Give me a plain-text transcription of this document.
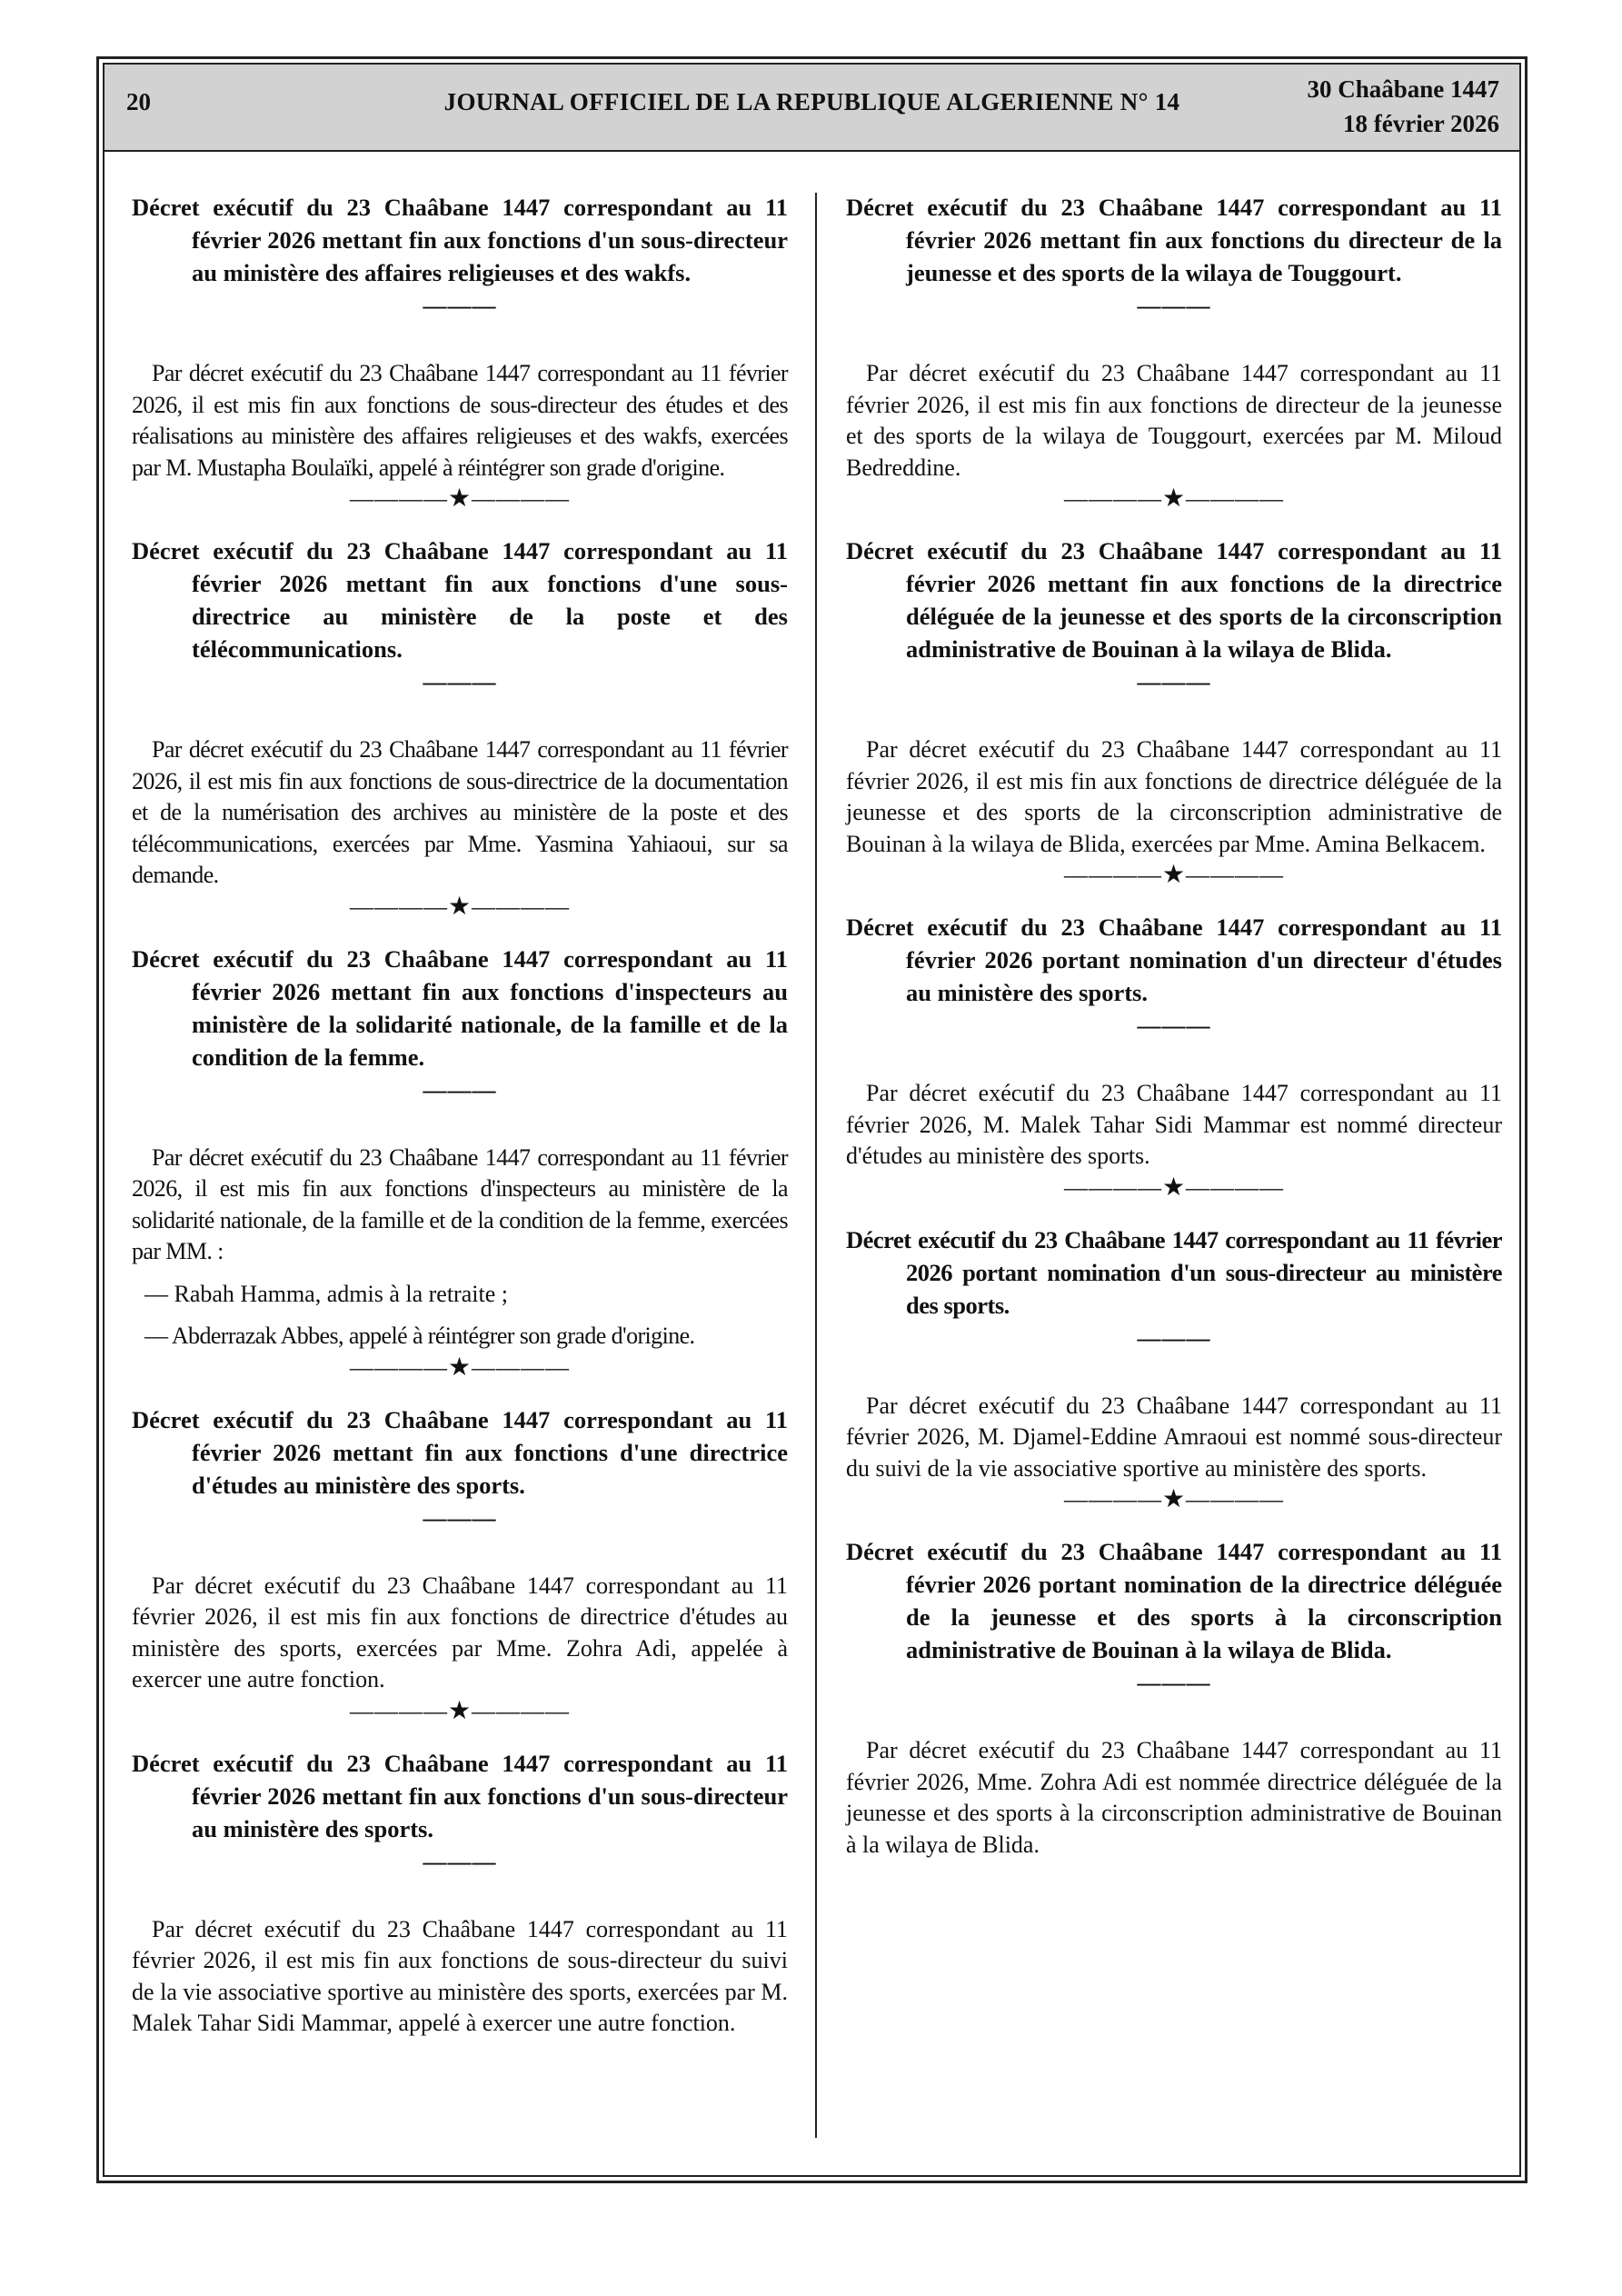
20	JOURNAL OFFICIEL DE LA REPUBLIQUE ALGERIENNE N° 14	30 Chaâbane 1447
18 février 2026

Décret exécutif du 23 Chaâbane 1447 correspondant au 11 février 2026 mettant fin aux fonctions d'un sous-directeur au ministère des affaires religieuses et des wakfs.

———

Par décret exécutif du 23 Chaâbane 1447 correspondant au 11 février 2026, il est mis fin aux fonctions de sous-directeur des études et des réalisations au ministère des affaires religieuses et des wakfs, exercées par M. Mustapha Boulaïki, appelé à réintégrer son grade d'origine.

————★————

Décret exécutif du 23 Chaâbane 1447 correspondant au 11 février 2026 mettant fin aux fonctions d'une sous-directrice au ministère de la poste et des télécommunications.

———

Par décret exécutif du 23 Chaâbane 1447 correspondant au 11 février 2026, il est mis fin aux fonctions de sous-directrice de la documentation et de la numérisation des archives au ministère de la poste et des télécommunications, exercées par Mme. Yasmina Yahiaoui, sur sa demande.

————★————

Décret exécutif du 23 Chaâbane 1447 correspondant au 11 février 2026 mettant fin aux fonctions d'inspecteurs au ministère de la solidarité nationale, de la famille et de la condition de la femme.

———

Par décret exécutif du 23 Chaâbane 1447 correspondant au 11 février 2026, il est mis fin aux fonctions d'inspecteurs au ministère de la solidarité nationale, de la famille et de la condition de la femme, exercées par MM. :

— Rabah Hamma, admis à la retraite ;
— Abderrazak Abbes, appelé à réintégrer son grade d'origine.
————★————

Décret exécutif du 23 Chaâbane 1447 correspondant au 11 février 2026 mettant fin aux fonctions d'une directrice d'études au ministère des sports.

———

Par décret exécutif du 23 Chaâbane 1447 correspondant au 11 février 2026, il est mis fin aux fonctions de directrice d'études au ministère des sports, exercées par Mme. Zohra Adi, appelée à exercer une autre fonction.

————★————

Décret exécutif du 23 Chaâbane 1447 correspondant au 11 février 2026 mettant fin aux fonctions d'un sous-directeur au ministère des sports.

———

Par décret exécutif du 23 Chaâbane 1447 correspondant au 11 février 2026, il est mis fin aux fonctions de sous-directeur du suivi de la vie associative sportive au ministère des sports, exercées par M. Malek Tahar Sidi Mammar, appelé à exercer une autre fonction.

Décret exécutif du 23 Chaâbane 1447 correspondant au 11 février 2026 mettant fin aux fonctions du directeur de la jeunesse et des sports de la wilaya de Touggourt.

———

Par décret exécutif du 23 Chaâbane 1447 correspondant au 11 février 2026, il est mis fin aux fonctions de directeur de la jeunesse et des sports de la wilaya de Touggourt, exercées par M. Miloud Bedreddine.

————★————

Décret exécutif du 23 Chaâbane 1447 correspondant au 11 février 2026 mettant fin aux fonctions de la directrice déléguée de la jeunesse et des sports de la circonscription administrative de Bouinan à la wilaya de Blida.

———

Par décret exécutif du 23 Chaâbane 1447 correspondant au 11 février 2026, il est mis fin aux fonctions de directrice déléguée de la jeunesse et des sports de la circonscription administrative de Bouinan à la wilaya de Blida, exercées par Mme. Amina Belkacem.

————★————

Décret exécutif du 23 Chaâbane 1447 correspondant au 11 février 2026 portant nomination d'un directeur d'études au ministère des sports.

———

Par décret exécutif du 23 Chaâbane 1447 correspondant au 11 février 2026, M. Malek Tahar Sidi Mammar est nommé directeur d'études au ministère des sports.

————★————

Décret exécutif du 23 Chaâbane 1447 correspondant au 11 février 2026 portant nomination d'un sous-directeur au ministère des sports.

———

Par décret exécutif du 23 Chaâbane 1447 correspondant au 11 février 2026, M. Djamel-Eddine Amraoui est nommé sous-directeur du suivi de la vie associative sportive au ministère des sports.

————★————

Décret exécutif du 23 Chaâbane 1447 correspondant au 11 février 2026 portant nomination de la directrice déléguée de la jeunesse et des sports à la circonscription administrative de Bouinan à la wilaya de Blida.

———

Par décret exécutif du 23 Chaâbane 1447 correspondant au 11 février 2026, Mme. Zohra Adi est nommée directrice déléguée de la jeunesse et des sports à la circonscription administrative de Bouinan à la wilaya de Blida.
